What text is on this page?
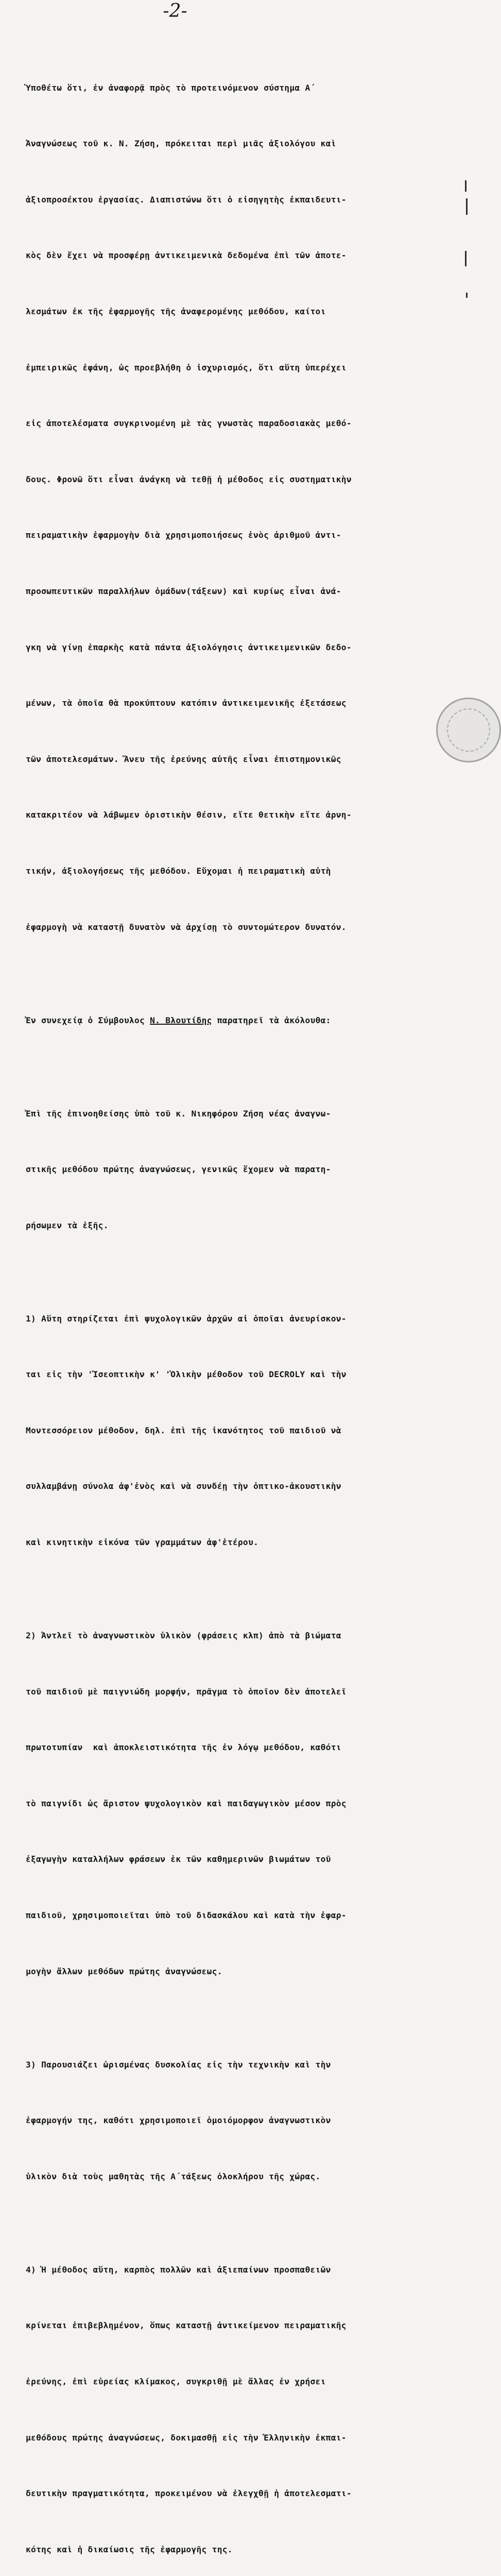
-2-

Ὑποθέτω ὅτι, ἐν ἀναφορᾷ πρὸς τὸ προτεινόμενον σύστημα Α΄

Ἀναγνώσεως τοῦ κ. Ν. Ζήση, πρόκειται περὶ μιᾶς ἀξιολόγου καὶ

ἀξιοπροσέκτου ἐργασίας. Διαπιστώνω ὅτι ὁ εἰσηγητὴς ἐκπαιδευτι-

κὸς δὲν ἔχει νὰ προσφέρῃ ἀντικειμενικὰ δεδομένα ἐπὶ τῶν ἀποτε-

λεσμάτων ἐκ τῆς ἐφαρμογῆς τῆς ἀναφερομένης μεθόδου, καίτοι

ἐμπειρικῶς ἐφάνη, ὡς προεβλήθη ὁ ἰσχυρισμός, ὅτι αὕτη ὑπερέχει

εἰς ἀποτελέσματα συγκρινομένη μὲ τὰς γνωστὰς παραδοσιακὰς μεθό-

δους. Φρονῶ ὅτι εἶναι ἀνάγκη νὰ τεθῇ ἡ μέθοδος εἰς συστηματικὴν

πειραματικὴν ἐφαρμογὴν διὰ χρησιμοποιήσεως ἑνὸς ἀριθμοῦ ἀντι-

προσωπευτικῶν παραλλήλων ὁμάδων(τάξεων) καὶ κυρίως εἶναι ἀνά-

γκη νὰ γίνῃ ἐπαρκὴς κατὰ πάντα ἀξιολόγησις ἀντικειμενικῶν δεδο-

μένων, τὰ ὁποῖα θὰ προκύπτουν κατόπιν ἀντικειμενικῆς ἐξετάσεως

τῶν ἀποτελεσμάτων. Ἄνευ τῆς ἐρεύνης αὐτῆς εἶναι ἐπιστημονικῶς

κατακριτέον νὰ λάβωμεν ὁριστικὴν θέσιν, εἴτε θετικὴν εἴτε ἀρνη-

τικήν, ἀξιολογήσεως τῆς μεθόδου. Εὔχομαι ἡ πειραματικὴ αὐτὴ

ἐφαρμογὴ νὰ καταστῇ δυνατὸν νὰ ἀρχίσῃ τὸ συντομώτερον δυνατόν.

Ἐν συνεχείᾳ ὁ Σύμβουλος Ν. Βλουτίδης παρατηρεῖ τὰ ἀκόλουθα:

Ἐπὶ τῆς ἐπινοηθείσης ὑπὸ τοῦ κ. Νικηφόρου Ζήση νέας ἀναγνω-

στικῆς μεθόδου πρώτης ἀναγνώσεως, γενικῶς ἔχομεν νὰ παρατη-

ρήσωμεν τὰ ἑξῆς.

1) Αὕτη στηρίζεται ἐπὶ ψυχολογικῶν ἀρχῶν αἱ ὁποῖαι ἀνευρίσκον-

ται εἰς τὴν 'Ἰσεοπτικὴν κ' 'Ὁλικὴν μέθοδον τοῦ DECROLY καὶ τὴν

Μοντεσσόρειον μέθοδον, δηλ. ἐπὶ τῆς ἱκανότητος τοῦ παιδιοῦ νὰ

συλλαμβάνῃ σύνολα ἀφ'ἑνὸς καὶ νὰ συνδέῃ τὴν ὀπτικο-ἀκουστικὴν

καὶ κινητικὴν εἰκόνα τῶν γραμμάτων ἀφ'ἑτέρου.

2) Ἀντλεῖ τὸ ἀναγνωστικὸν ὑλικὸν (φράσεις κλπ) ἀπὸ τὰ βιώματα

τοῦ παιδιοῦ μὲ παιγνιώδη μορφήν, πρᾶγμα τὸ ὁποῖον δὲν ἀποτελεῖ

πρωτοτυπίαν  καὶ ἀποκλειστικότητα τῆς ἐν λόγῳ μεθόδου, καθότι

τὸ παιγνίδι ὡς ἄριστον ψυχολογικὸν καὶ παιδαγωγικὸν μέσον πρὸς

ἐξαγωγὴν καταλλήλων φράσεων ἐκ τῶν καθημερινῶν βιωμάτων τοῦ

παιδιοῦ, χρησιμοποιεῖται ὑπὸ τοῦ διδασκάλου καὶ κατὰ τὴν ἐφαρ-

μογὴν ἄλλων μεθόδων πρώτης ἀναγνώσεως.

3) Παρουσιάζει ὡρισμένας δυσκολίας εἰς τὴν τεχνικὴν καὶ τὴν

ἐφαρμογήν της, καθότι χρησιμοποιεῖ ὁμοιόμορφον ἀναγνωστικὸν

ὑλικὸν διὰ τοὺς μαθητὰς τῆς Α΄τάξεως ὁλοκλήρου τῆς χώρας.

4) Ἡ μέθοδος αὕτη, καρπὸς πολλῶν καὶ ἀξιεπαίνων προσπαθειῶν

κρίνεται ἐπιβεβλημένον, ὅπως καταστῇ ἀντικείμενον πειραματικῆς

ἐρεύνης, ἐπὶ εὐρείας κλίμακος, συγκριθῇ μὲ ἄλλας ἐν χρήσει

μεθόδους πρώτης ἀναγνώσεως, δοκιμασθῇ εἰς τὴν Ἑλληνικὴν ἐκπαι-

δευτικὴν πραγματικότητα, προκειμένου νὰ ἐλεγχθῇ ἡ ἀποτελεσματι-

κότης καὶ ἡ δικαίωσις τῆς ἐφαρμογῆς της.
